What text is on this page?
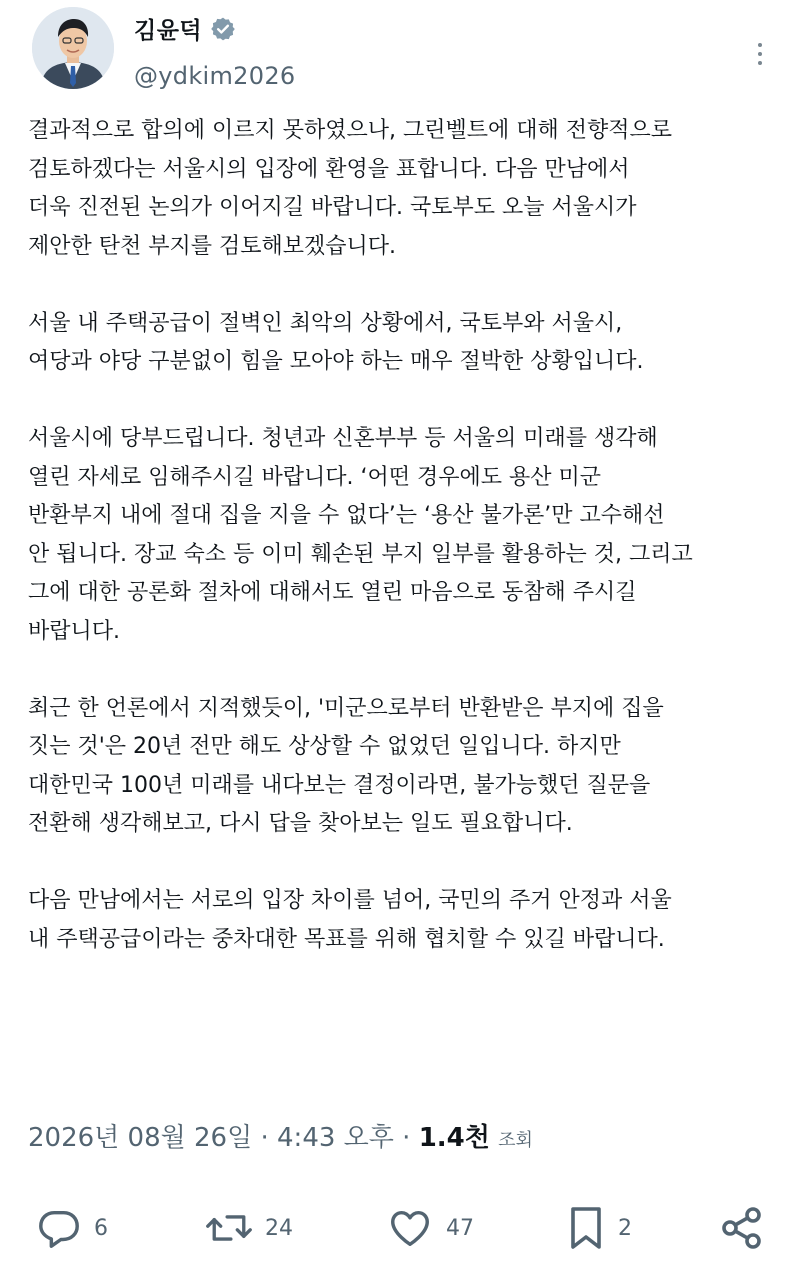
김윤덕
@ydkim2026

결과적으로 합의에 이르지 못하였으나, 그린벨트에 대해 전향적으로
검토하겠다는 서울시의 입장에 환영을 표합니다. 다음 만남에서
더욱 진전된 논의가 이어지길 바랍니다. 국토부도 오늘 서울시가
제안한 탄천 부지를 검토해보겠습니다.

서울 내 주택공급이 절벽인 최악의 상황에서, 국토부와 서울시,
여당과 야당 구분없이 힘을 모아야 하는 매우 절박한 상황입니다.

서울시에 당부드립니다. 청년과 신혼부부 등 서울의 미래를 생각해
열린 자세로 임해주시길 바랍니다. ‘어떤 경우에도 용산 미군
반환부지 내에 절대 집을 지을 수 없다’는 ‘용산 불가론’만 고수해선
안 됩니다. 장교 숙소 등 이미 훼손된 부지 일부를 활용하는 것, 그리고
그에 대한 공론화 절차에 대해서도 열린 마음으로 동참해 주시길
바랍니다.

최근 한 언론에서 지적했듯이, '미군으로부터 반환받은 부지에 집을
짓는 것'은 20년 전만 해도 상상할 수 없었던 일입니다. 하지만
대한민국 100년 미래를 내다보는 결정이라면, 불가능했던 질문을
전환해 생각해보고, 다시 답을 찾아보는 일도 필요합니다.

다음 만남에서는 서로의 입장 차이를 넘어, 국민의 주거 안정과 서울
내 주택공급이라는 중차대한 목표를 위해 협치할 수 있길 바랍니다.

2026년 08월 26일 · 4:43 오후 · 1.4천 조회
6	24	47	2
